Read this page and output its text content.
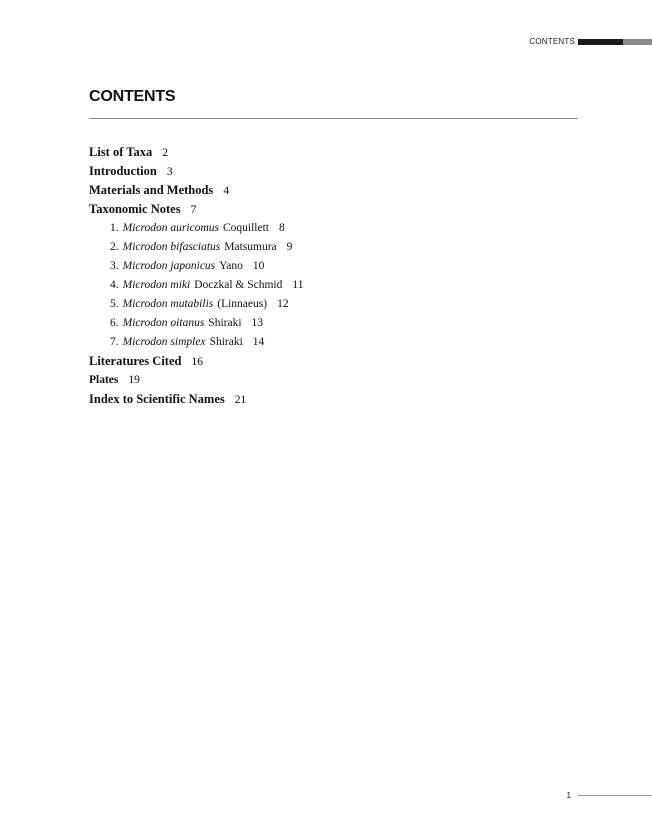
CONTENTS
CONTENTS
List of Taxa 2
Introduction 3
Materials and Methods 4
Taxonomic Notes 7
1. Microdon auricomus Coquillett 8
2. Microdon bifasciatus Matsumura 9
3. Microdon japonicus Yano 10
4. Microdon miki Doczkal & Schmid 11
5. Microdon mutabilis (Linnaeus) 12
6. Microdon oitanus Shiraki 13
7. Microdon simplex Shiraki 14
Literatures Cited 16
Plates 19
Index to Scientific Names 21
1
